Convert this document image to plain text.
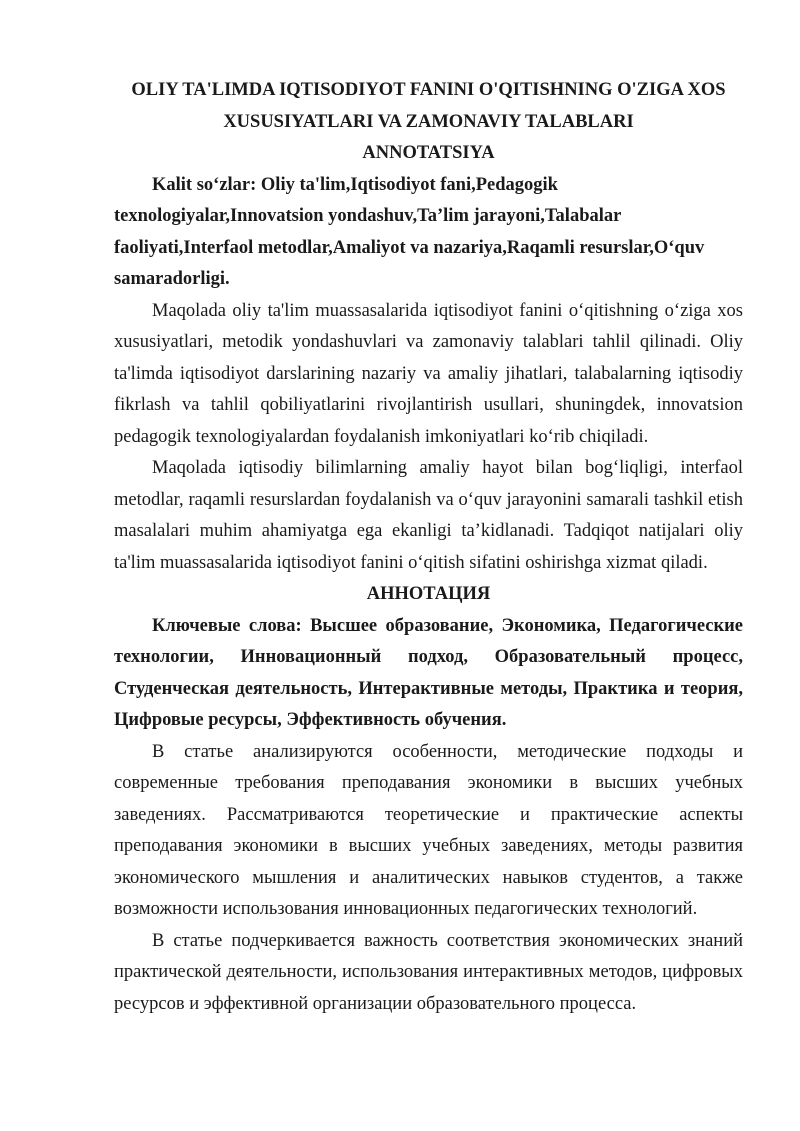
OLIY TA'LIMDA IQTISODIYOT FANINI O'QITISHNING O'ZIGA XOS
XUSUSIYATLARI VA ZAMONAVIY TALABLARI
ANNOTATSIYA

Kalit so‘zlar: Oliy ta'lim,Iqtisodiyot fani,Pedagogik texnologiyalar,Innovatsion yondashuv,Ta’lim jarayoni,Talabalar faoliyati,Interfaol metodlar,Amaliyot va nazariya,Raqamli resurslar,O‘quv samaradorligi.

Maqolada oliy ta'lim muassasalarida iqtisodiyot fanini o‘qitishning o‘ziga xos xususiyatlari, metodik yondashuvlari va zamonaviy talablari tahlil qilinadi. Oliy ta'limda iqtisodiyot darslarining nazariy va amaliy jihatlari, talabalarning iqtisodiy fikrlash va tahlil qobiliyatlarini rivojlantirish usullari, shuningdek, innovatsion pedagogik texnologiyalardan foydalanish imkoniyatlari ko‘rib chiqiladi.

Maqolada iqtisodiy bilimlarning amaliy hayot bilan bog‘liqligi, interfaol metodlar, raqamli resurslardan foydalanish va o‘quv jarayonini samarali tashkil etish masalalari muhim ahamiyatga ega ekanligi ta’kidlanadi. Tadqiqot natijalari oliy ta'lim muassasalarida iqtisodiyot fanini o‘qitish sifatini oshirishga xizmat qiladi.

АННОТАЦИЯ

Ключевые слова: Высшее образование, Экономика, Педагогические технологии, Инновационный подход, Образовательный процесс, Студенческая деятельность, Интерактивные методы, Практика и теория, Цифровые ресурсы, Эффективность обучения.

В статье анализируются особенности, методические подходы и современные требования преподавания экономики в высших учебных заведениях. Рассматриваются теоретические и практические аспекты преподавания экономики в высших учебных заведениях, методы развития экономического мышления и аналитических навыков студентов, а также возможности использования инновационных педагогических технологий.

В статье подчеркивается важность соответствия экономических знаний практической деятельности, использования интерактивных методов, цифровых ресурсов и эффективной организации образовательного процесса.
